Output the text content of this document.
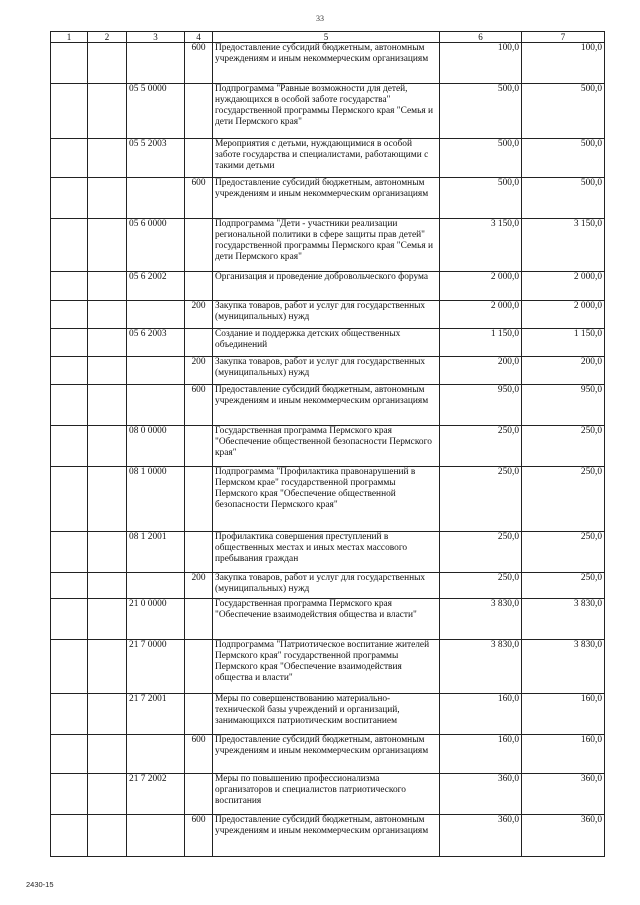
33
1	2	3	4	5	6	7
			600	Предоставление субсидий бюджетным, автономным учреждениям и иным некоммерческим организациям	100,0	100,0
		05 5 0000		Подпрограмма "Равные возможности для детей, нуждающихся в особой заботе государства" государственной программы Пермского края "Семья и дети Пермского края"	500,0	500,0
		05 5 2003		Мероприятия с детьми, нуждающимися в особой заботе государства и специалистами, работающими с такими детьми	500,0	500,0
			600	Предоставление субсидий бюджетным, автономным учреждениям и иным некоммерческим организациям	500,0	500,0
		05 6 0000		Подпрограмма "Дети - участники реализации региональной политики в сфере защиты прав детей" государственной программы Пермского края "Семья и дети Пермского края"	3 150,0	3 150,0
		05 6 2002		Организация и проведение добровольческого форума	2 000,0	2 000,0
			200	Закупка товаров, работ и услуг для государственных (муниципальных) нужд	2 000,0	2 000,0
		05 6 2003		Создание и поддержка детских общественных объединений	1 150,0	1 150,0
			200	Закупка товаров, работ и услуг для государственных (муниципальных) нужд	200,0	200,0
			600	Предоставление субсидий бюджетным, автономным учреждениям и иным некоммерческим организациям	950,0	950,0
		08 0 0000		Государственная программа Пермского края "Обеспечение общественной безопасности Пермского края"	250,0	250,0
		08 1 0000		Подпрограмма "Профилактика правонарушений в Пермском крае" государственной программы Пермского края "Обеспечение общественной безопасности Пермского края"	250,0	250,0
		08 1 2001		Профилактика совершения преступлений в общественных местах и иных местах массового пребывания граждан	250,0	250,0
			200	Закупка товаров, работ и услуг для государственных (муниципальных) нужд	250,0	250,0
		21 0 0000		Государственная программа Пермского края "Обеспечение взаимодействия общества и власти"	3 830,0	3 830,0
		21 7 0000		Подпрограмма "Патриотическое воспитание жителей Пермского края" государственной программы Пермского края "Обеспечение взаимодействия общества и власти"	3 830,0	3 830,0
		21 7 2001		Меры по совершенствованию материально-технической базы учреждений и организаций, занимающихся патриотическим воспитанием	160,0	160,0
			600	Предоставление субсидий бюджетным, автономным учреждениям и иным некоммерческим организациям	160,0	160,0
		21 7 2002		Меры по повышению профессионализма организаторов и специалистов патриотического воспитания	360,0	360,0
			600	Предоставление субсидий бюджетным, автономным учреждениям и иным некоммерческим организациям	360,0	360,0
2430-15
